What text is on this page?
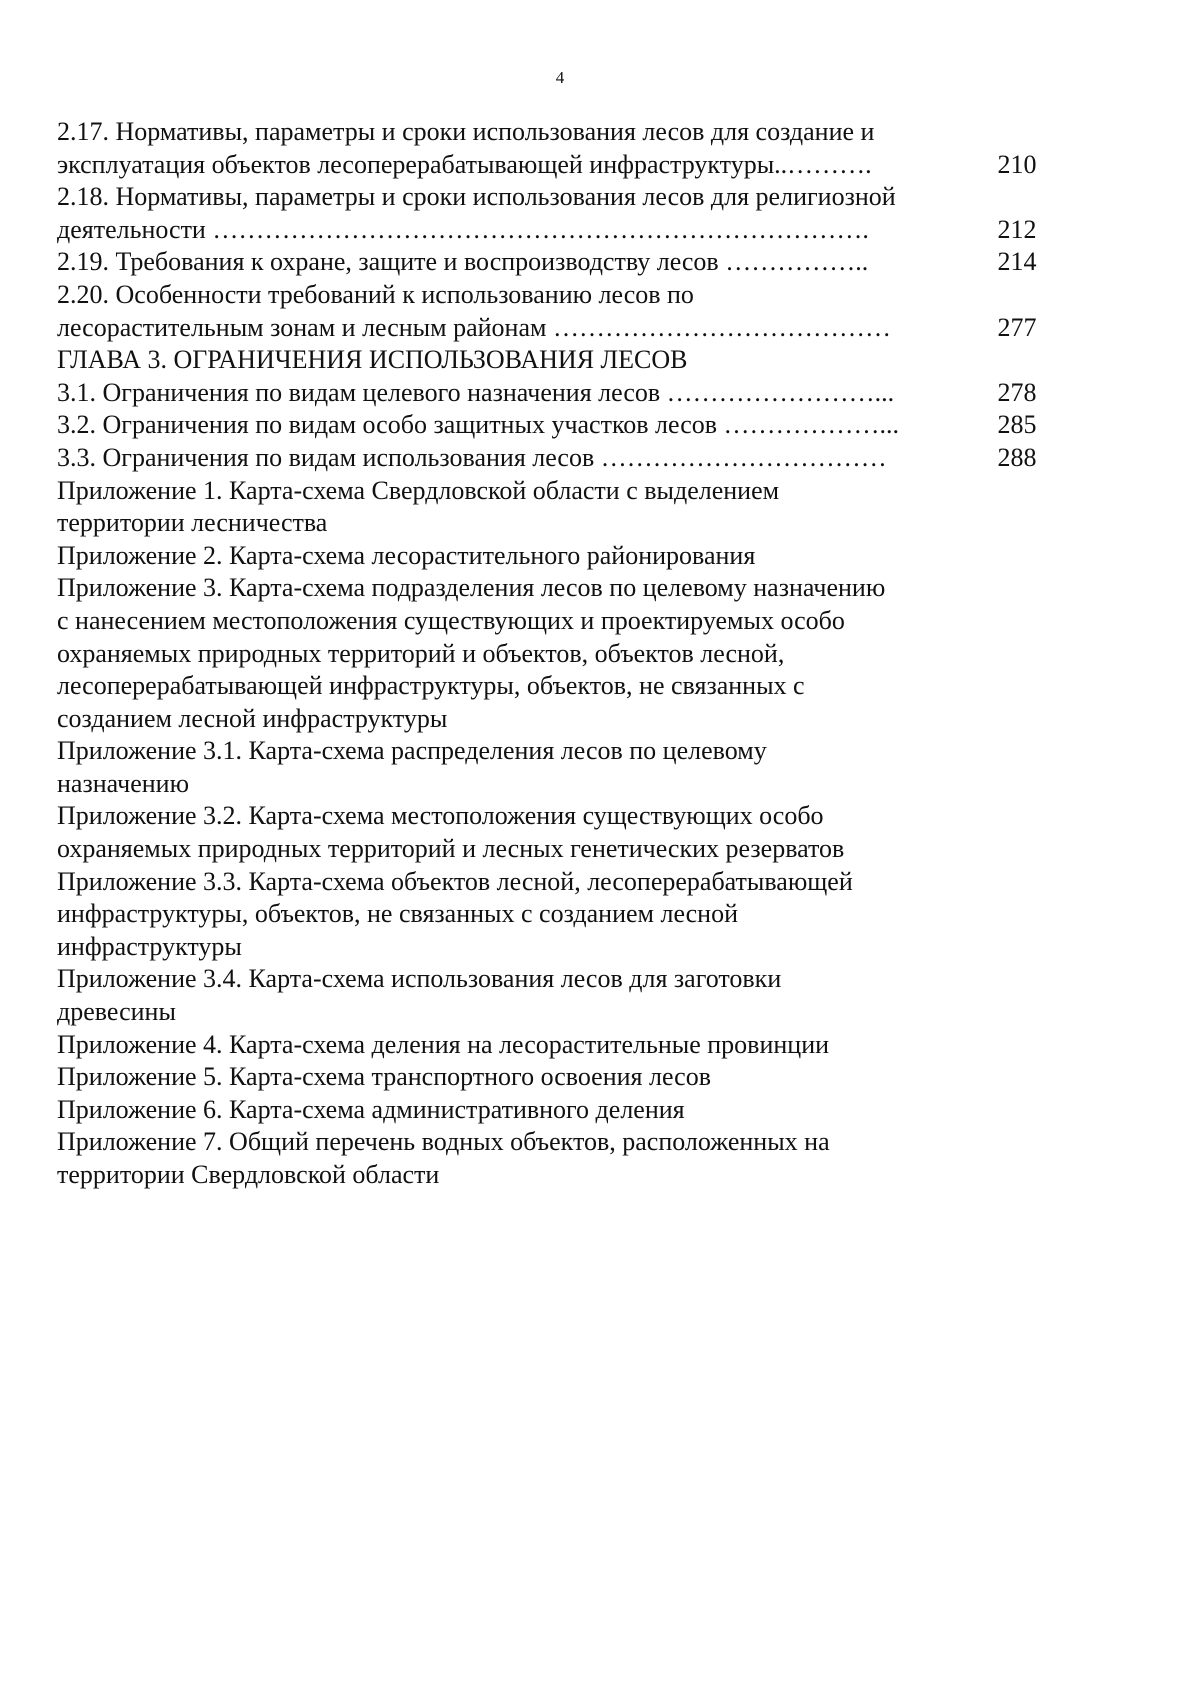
4
2.17. Нормативы, параметры и сроки использования лесов для создание и
эксплуатация объектов лесоперерабатывающей инфраструктуры..……….	210
2.18. Нормативы, параметры и сроки использования лесов для религиозной
деятельности ………………………………………………………………….	212
2.19. Требования к охране, защите и воспроизводству лесов ……………..	214
2.20. Особенности требований к использованию лесов по
лесорастительным зонам и лесным районам …………………………………	277
ГЛАВА 3. ОГРАНИЧЕНИЯ ИСПОЛЬЗОВАНИЯ ЛЕСОВ
3.1. Ограничения по видам целевого назначения лесов ……………………...	278
3.2. Ограничения по видам особо защитных участков лесов ………………...	285
3.3. Ограничения по видам использования лесов ……………………………	288
Приложение 1. Карта-схема Свердловской области с выделением
территории лесничества
Приложение 2. Карта-схема лесорастительного районирования
Приложение 3. Карта-схема подразделения лесов по целевому назначению
с нанесением местоположения существующих и проектируемых особо
охраняемых природных территорий и объектов, объектов лесной,
лесоперерабатывающей инфраструктуры, объектов, не связанных с
созданием лесной инфраструктуры
Приложение 3.1. Карта-схема распределения лесов по целевому
назначению
Приложение 3.2. Карта-схема местоположения существующих особо
охраняемых природных территорий и лесных генетических резерватов
Приложение 3.3. Карта-схема объектов лесной, лесоперерабатывающей
инфраструктуры, объектов, не связанных с созданием лесной
инфраструктуры
Приложение 3.4. Карта-схема использования лесов для заготовки
древесины
Приложение 4. Карта-схема деления на лесорастительные провинции
Приложение 5. Карта-схема транспортного освоения лесов
Приложение 6. Карта-схема административного деления
Приложение 7. Общий перечень водных объектов, расположенных на
территории Свердловской области
